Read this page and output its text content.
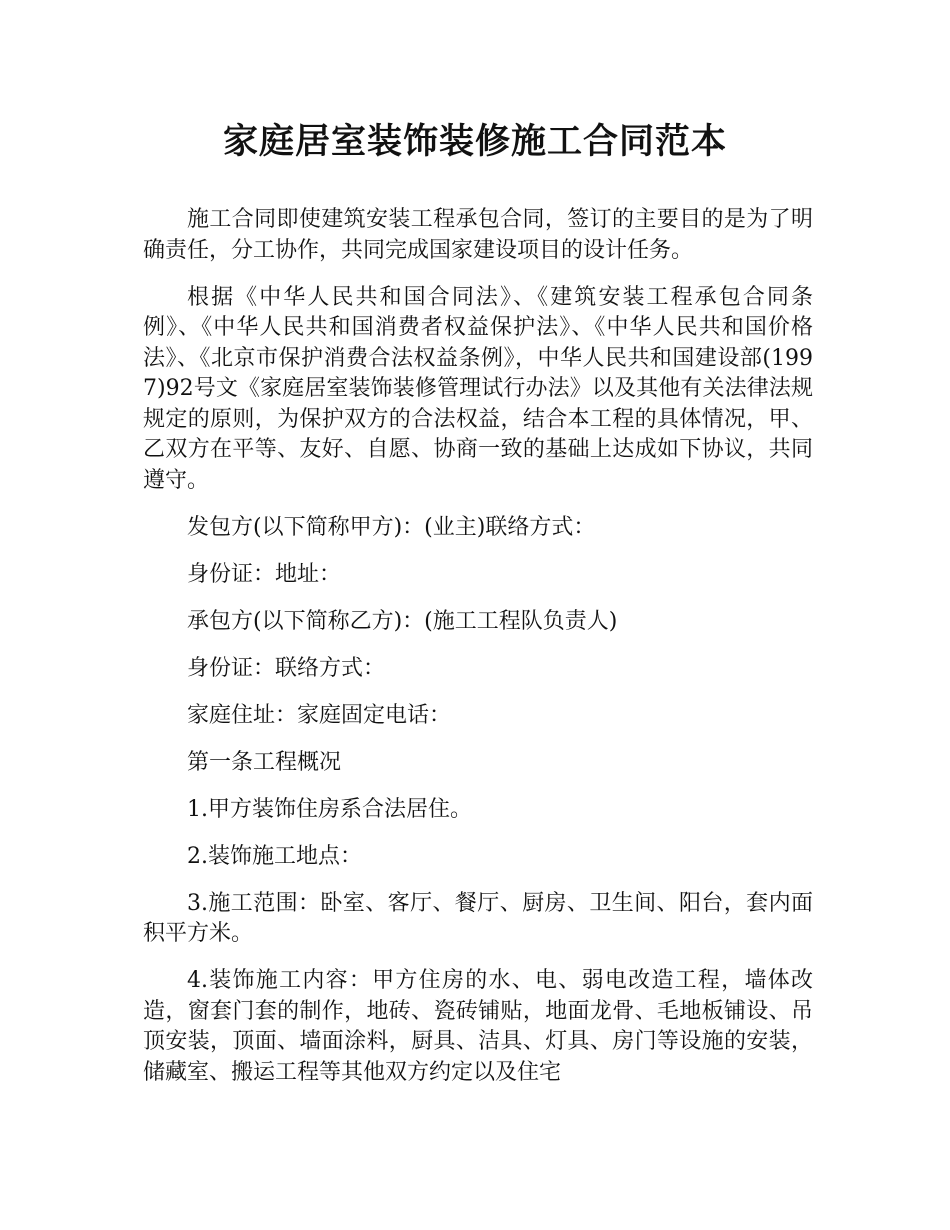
家庭居室装饰装修施工合同范本

施工合同即使建筑安装工程承包合同，签订的主要目的是为了明确责任，分工协作，共同完成国家建设项目的设计任务。

根据《中华人民共和国合同法》、《建筑安装工程承包合同条例》、《中华人民共和国消费者权益保护法》、《中华人民共和国价格法》、《北京市保护消费合法权益条例》，中华人民共和国建设部(1997)92号文《家庭居室装饰装修管理试行办法》以及其他有关法律法规规定的原则，为保护双方的合法权益，结合本工程的具体情况，甲、乙双方在平等、友好、自愿、协商一致的基础上达成如下协议，共同遵守。

发包方(以下简称甲方)：(业主)联络方式：

身份证：地址：

承包方(以下简称乙方)：(施工工程队负责人)

身份证：联络方式：

家庭住址：家庭固定电话：

第一条工程概况

1.甲方装饰住房系合法居住。

2.装饰施工地点：

3.施工范围：卧室、客厅、餐厅、厨房、卫生间、阳台，套内面积平方米。

4.装饰施工内容：甲方住房的水、电、弱电改造工程，墙体改造，窗套门套的制作，地砖、瓷砖铺贴，地面龙骨、毛地板铺设、吊顶安装，顶面、墙面涂料，厨具、洁具、灯具、房门等设施的安装，储藏室、搬运工程等其他双方约定以及住宅
